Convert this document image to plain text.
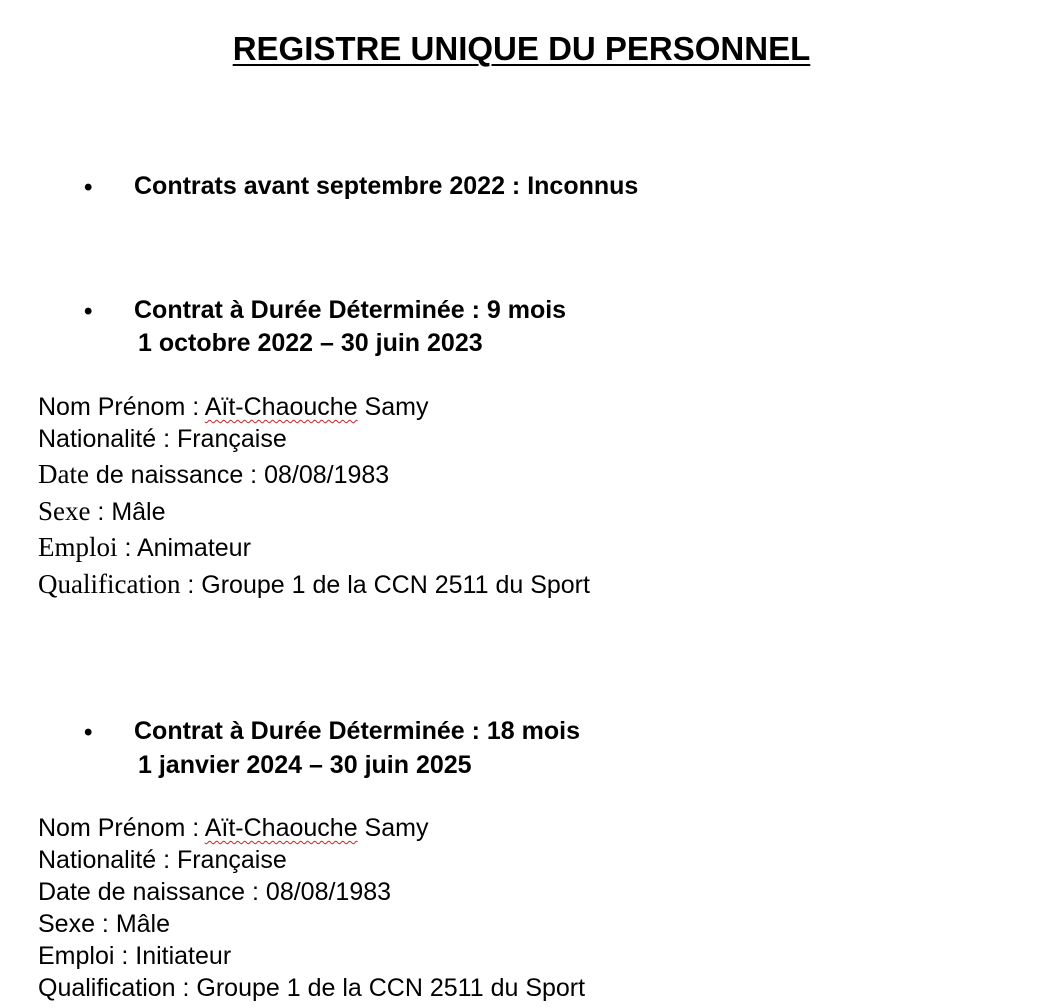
REGISTRE UNIQUE DU PERSONNEL
• Contrats avant septembre 2022 : Inconnus
• Contrat à Durée Déterminée : 9 mois
1 octobre 2022 – 30 juin 2023
Nom Prénom : Aït-Chaouche Samy
Nationalité : Française
Date de naissance : 08/08/1983
Sexe : Mâle
Emploi : Animateur
Qualification : Groupe 1 de la CCN 2511 du Sport
• Contrat à Durée Déterminée : 18 mois
1 janvier 2024 – 30 juin 2025
Nom Prénom : Aït-Chaouche Samy
Nationalité : Française
Date de naissance : 08/08/1983
Sexe : Mâle
Emploi : Initiateur
Qualification : Groupe 1 de la CCN 2511 du Sport
